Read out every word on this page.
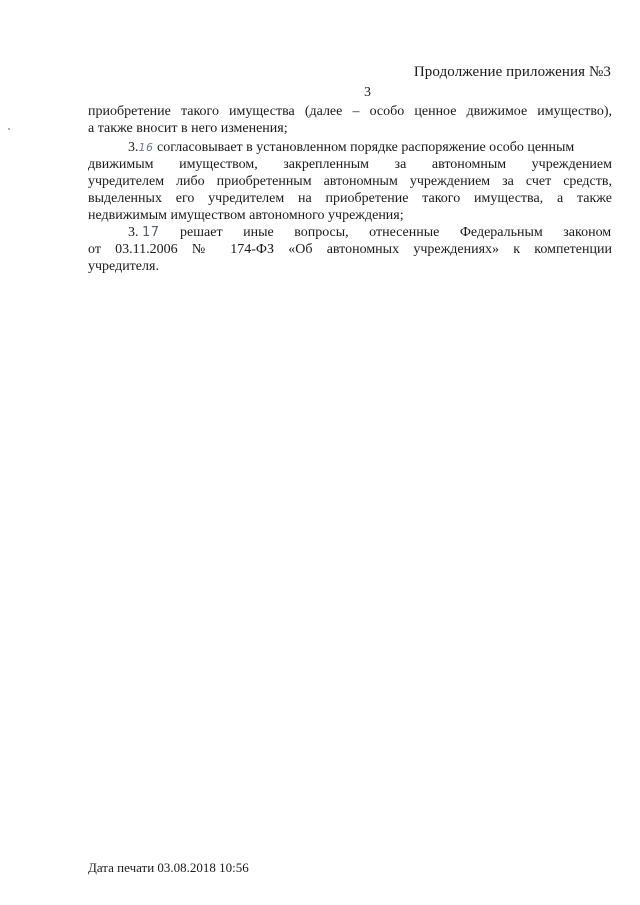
Продолжение приложения №3
3
приобретение такого имущества (далее – особо ценное движимое имущество),
а также вносит в него изменения;
3.16 согласовывает в установленном порядке распоряжение особо ценным
движимым имуществом, закрепленным за автономным учреждением
учредителем либо приобретенным автономным учреждением за счет средств,
выделенных его учредителем на приобретение такого имущества, а также
недвижимым имуществом автономного учреждения;
3. 17 решает иные вопросы, отнесенные Федеральным законом
от 03.11.2006 № 174-ФЗ «Об автономных учреждениях» к компетенции
учредителя.
Дата печати 03.08.2018 10:56
